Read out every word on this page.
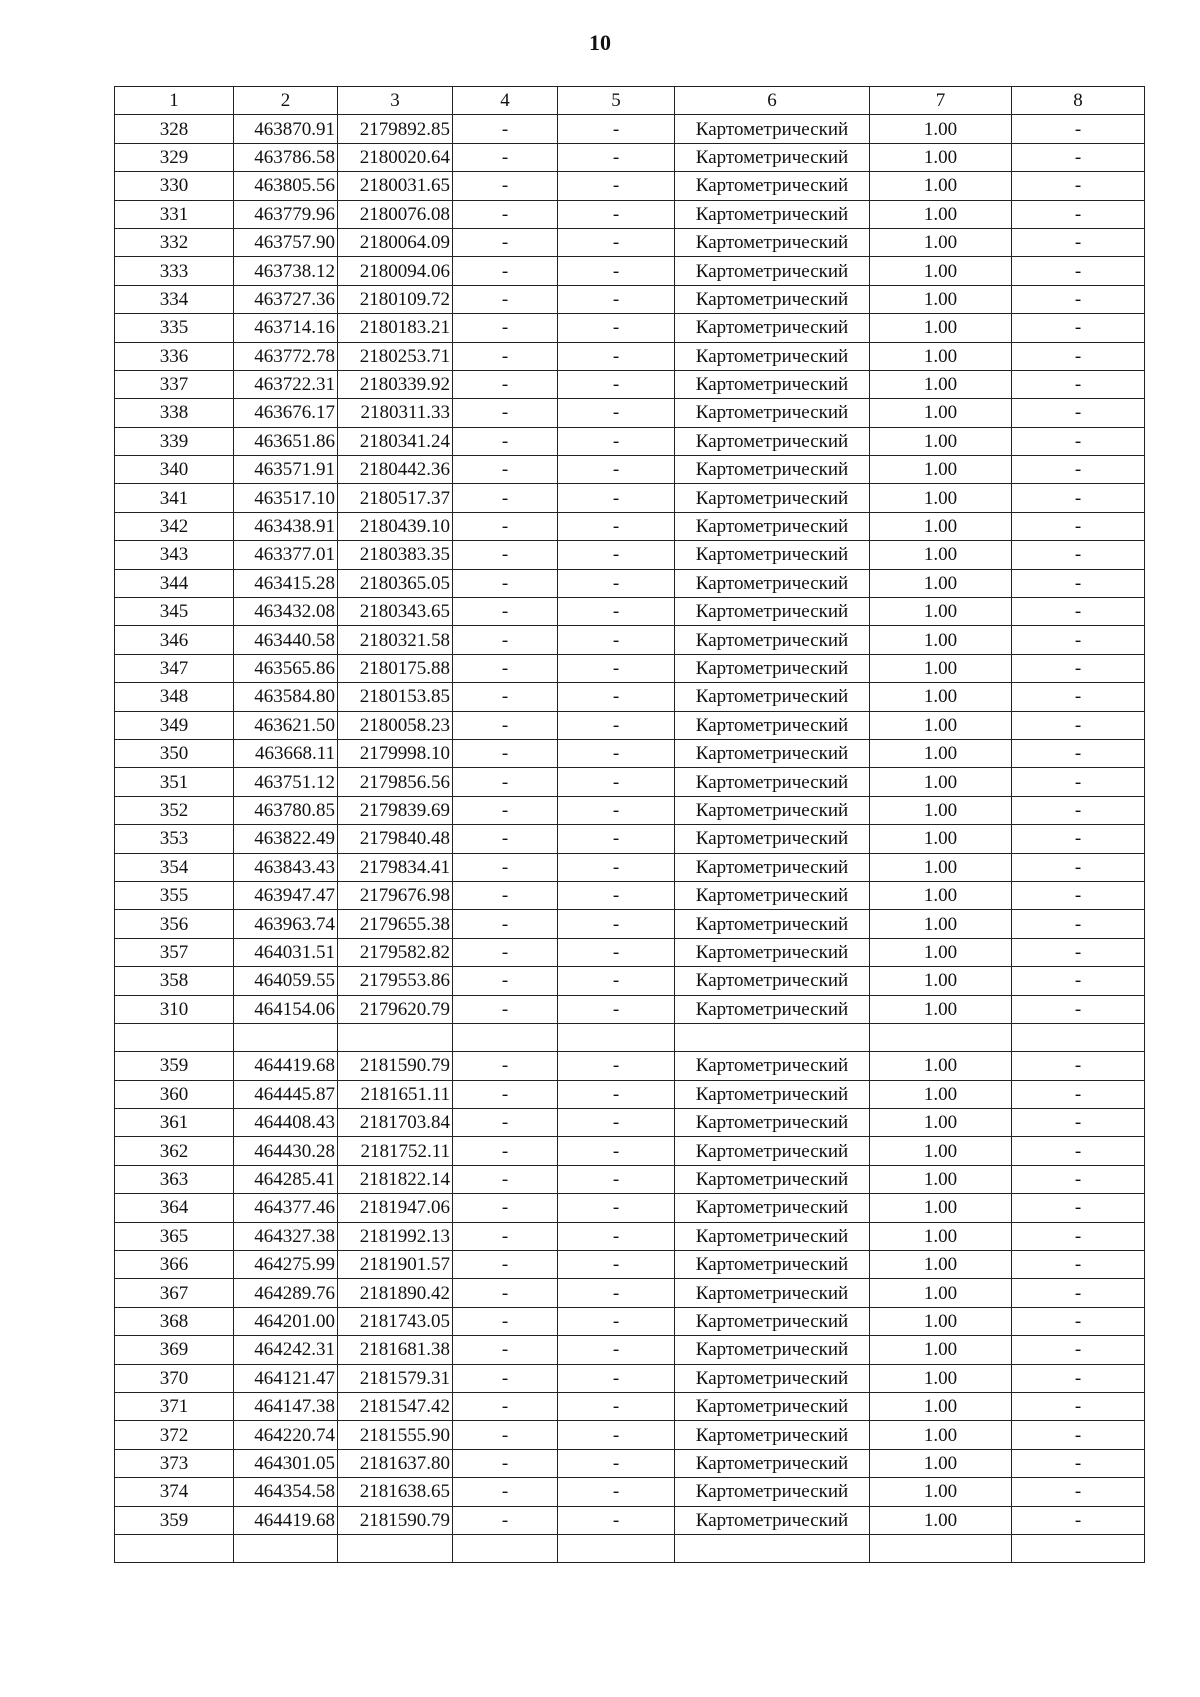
10
1	2	3	4	5	6	7	8
328	463870.91	2179892.85	-	-	Картометрический	1.00	-
329	463786.58	2180020.64	-	-	Картометрический	1.00	-
330	463805.56	2180031.65	-	-	Картометрический	1.00	-
331	463779.96	2180076.08	-	-	Картометрический	1.00	-
332	463757.90	2180064.09	-	-	Картометрический	1.00	-
333	463738.12	2180094.06	-	-	Картометрический	1.00	-
334	463727.36	2180109.72	-	-	Картометрический	1.00	-
335	463714.16	2180183.21	-	-	Картометрический	1.00	-
336	463772.78	2180253.71	-	-	Картометрический	1.00	-
337	463722.31	2180339.92	-	-	Картометрический	1.00	-
338	463676.17	2180311.33	-	-	Картометрический	1.00	-
339	463651.86	2180341.24	-	-	Картометрический	1.00	-
340	463571.91	2180442.36	-	-	Картометрический	1.00	-
341	463517.10	2180517.37	-	-	Картометрический	1.00	-
342	463438.91	2180439.10	-	-	Картометрический	1.00	-
343	463377.01	2180383.35	-	-	Картометрический	1.00	-
344	463415.28	2180365.05	-	-	Картометрический	1.00	-
345	463432.08	2180343.65	-	-	Картометрический	1.00	-
346	463440.58	2180321.58	-	-	Картометрический	1.00	-
347	463565.86	2180175.88	-	-	Картометрический	1.00	-
348	463584.80	2180153.85	-	-	Картометрический	1.00	-
349	463621.50	2180058.23	-	-	Картометрический	1.00	-
350	463668.11	2179998.10	-	-	Картометрический	1.00	-
351	463751.12	2179856.56	-	-	Картометрический	1.00	-
352	463780.85	2179839.69	-	-	Картометрический	1.00	-
353	463822.49	2179840.48	-	-	Картометрический	1.00	-
354	463843.43	2179834.41	-	-	Картометрический	1.00	-
355	463947.47	2179676.98	-	-	Картометрический	1.00	-
356	463963.74	2179655.38	-	-	Картометрический	1.00	-
357	464031.51	2179582.82	-	-	Картометрический	1.00	-
358	464059.55	2179553.86	-	-	Картометрический	1.00	-
310	464154.06	2179620.79	-	-	Картометрический	1.00	-

359	464419.68	2181590.79	-	-	Картометрический	1.00	-
360	464445.87	2181651.11	-	-	Картометрический	1.00	-
361	464408.43	2181703.84	-	-	Картометрический	1.00	-
362	464430.28	2181752.11	-	-	Картометрический	1.00	-
363	464285.41	2181822.14	-	-	Картометрический	1.00	-
364	464377.46	2181947.06	-	-	Картометрический	1.00	-
365	464327.38	2181992.13	-	-	Картометрический	1.00	-
366	464275.99	2181901.57	-	-	Картометрический	1.00	-
367	464289.76	2181890.42	-	-	Картометрический	1.00	-
368	464201.00	2181743.05	-	-	Картометрический	1.00	-
369	464242.31	2181681.38	-	-	Картометрический	1.00	-
370	464121.47	2181579.31	-	-	Картометрический	1.00	-
371	464147.38	2181547.42	-	-	Картометрический	1.00	-
372	464220.74	2181555.90	-	-	Картометрический	1.00	-
373	464301.05	2181637.80	-	-	Картометрический	1.00	-
374	464354.58	2181638.65	-	-	Картометрический	1.00	-
359	464419.68	2181590.79	-	-	Картометрический	1.00	-
